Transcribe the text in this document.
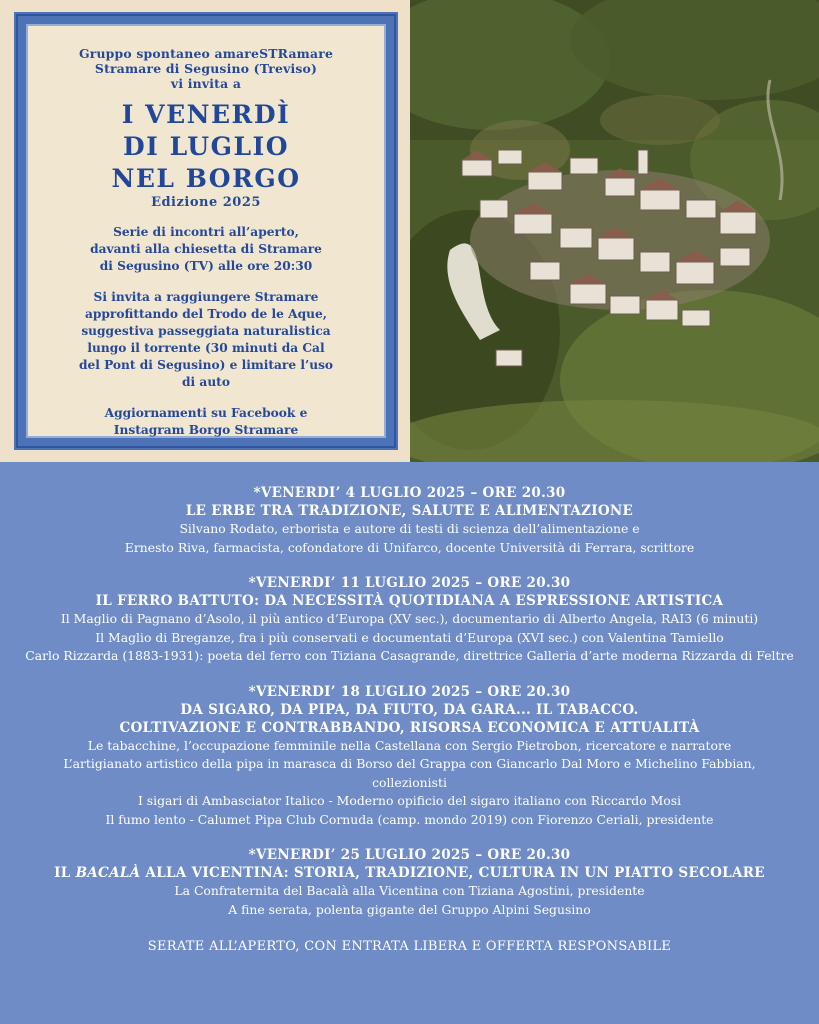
Gruppo spontaneo amareSTRamare

Stramare di Segusino (Treviso)

vi invita a

I VENERDÌ
DI LUGLIO
NEL BORGO

Edizione 2025

Serie di incontri all’aperto,
davanti alla chiesetta di Stramare
di Segusino (TV) alle ore 20:30

Si invita a raggiungere Stramare
approfittando del Trodo de le Aque,
suggestiva passeggiata naturalistica
lungo il torrente (30 minuti da Cal
del Pont di Segusino) e limitare l’uso
di auto

Aggiornamenti su Facebook e
Instagram Borgo Stramare

*VENERDI’ 4 LUGLIO 2025 – ORE 20.30
LE ERBE TRA TRADIZIONE, SALUTE E ALIMENTAZIONE
Silvano Rodato, erborista e autore di testi di scienza dell’alimentazione e
Ernesto Riva, farmacista, cofondatore di Unifarco, docente Università di Ferrara, scrittore
*VENERDI’ 11 LUGLIO 2025 – ORE 20.30
IL FERRO BATTUTO: DA NECESSITÀ QUOTIDIANA A ESPRESSIONE ARTISTICA
Il Maglio di Pagnano d’Asolo, il più antico d’Europa (XV sec.), documentario di Alberto Angela, RAI3 (6 minuti)
Il Maglio di Breganze, fra i più conservati e documentati d’Europa (XVI sec.) con Valentina Tamiello
Carlo Rizzarda (1883-1931): poeta del ferro con Tiziana Casagrande, direttrice Galleria d’arte moderna Rizzarda di Feltre
*VENERDI’ 18 LUGLIO 2025 – ORE 20.30
DA SIGARO, DA PIPA, DA FIUTO, DA GARA... IL TABACCO.
COLTIVAZIONE E CONTRABBANDO, RISORSA ECONOMICA E ATTUALITÀ
Le tabacchine, l’occupazione femminile nella Castellana con Sergio Pietrobon, ricercatore e narratore
L’artigianato artistico della pipa in marasca di Borso del Grappa con Giancarlo Dal Moro e Michelino Fabbian,
collezionisti
I sigari di Ambasciator Italico - Moderno opificio del sigaro italiano con Riccardo Mosi
Il fumo lento - Calumet Pipa Club Cornuda (camp. mondo 2019) con Fiorenzo Ceriali, presidente
*VENERDI’ 25 LUGLIO 2025 – ORE 20.30
IL BACALÀ ALLA VICENTINA: STORIA, TRADIZIONE, CULTURA IN UN PIATTO SECOLARE
La Confraternita del Bacalà alla Vicentina con Tiziana Agostini, presidente
A fine serata, polenta gigante del Gruppo Alpini Segusino
SERATE ALL’APERTO, CON ENTRATA LIBERA E OFFERTA RESPONSABILE
